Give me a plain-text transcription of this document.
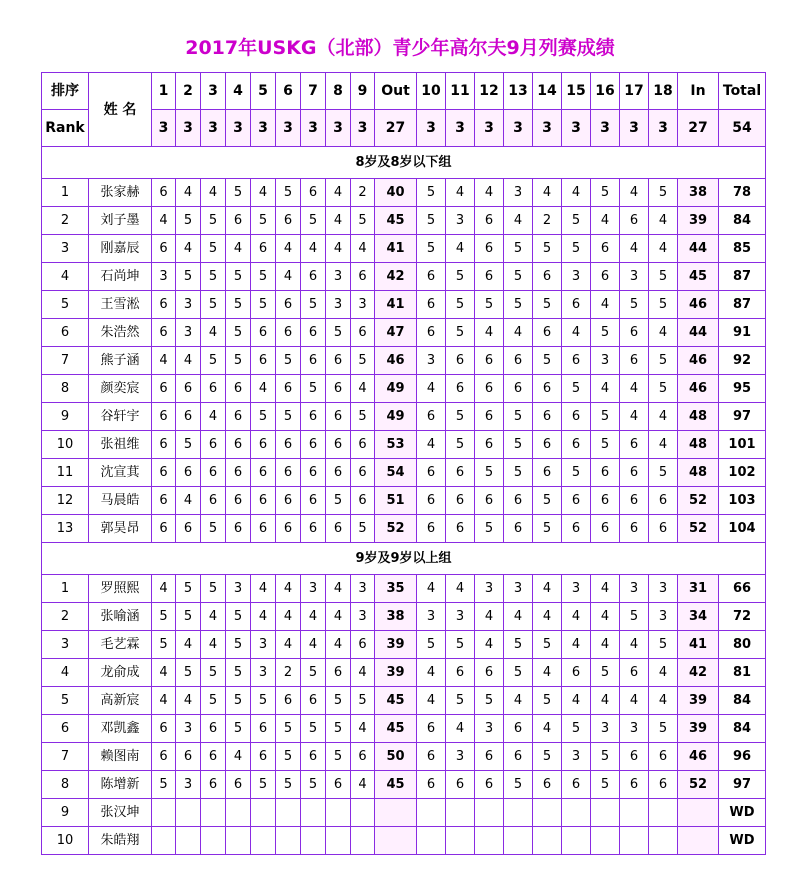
2017年USKG（北部）青少年高尔夫9月列赛成绩
排序	姓 名	1	2	3	4	5	6	7	8	9	Out	10	11	12	13	14	15	16	17	18	In	Total
Rank		3	3	3	3	3	3	3	3	3	27	3	3	3	3	3	3	3	3	3	27	54
8岁及8岁以下组																						
1	张家赫	6	4	4	5	4	5	6	4	2	40	5	4	4	3	4	4	5	4	5	38	78
2	刘子墨	4	5	5	6	5	6	5	4	5	45	5	3	6	4	2	5	4	6	4	39	84
3	刚嘉辰	6	4	5	4	6	4	4	4	4	41	5	4	6	5	5	5	6	4	4	44	85
4	石尚坤	3	5	5	5	5	4	6	3	6	42	6	5	6	5	6	3	6	3	5	45	87
5	王雪淞	6	3	5	5	5	6	5	3	3	41	6	5	5	5	5	6	4	5	5	46	87
6	朱浩然	6	3	4	5	6	6	6	5	6	47	6	5	4	4	6	4	5	6	4	44	91
7	熊子涵	4	4	5	5	6	5	6	6	5	46	3	6	6	6	5	6	3	6	5	46	92
8	颜奕宸	6	6	6	6	4	6	5	6	4	49	4	6	6	6	6	5	4	4	5	46	95
9	谷轩宇	6	6	4	6	5	5	6	6	5	49	6	5	6	5	6	6	5	4	4	48	97
10	张祖维	6	5	6	6	6	6	6	6	6	53	4	5	6	5	6	6	5	6	4	48	101
11	沈宣萁	6	6	6	6	6	6	6	6	6	54	6	6	5	5	6	5	6	6	5	48	102
12	马晨皓	6	4	6	6	6	6	6	5	6	51	6	6	6	6	5	6	6	6	6	52	103
13	郭昊昂	6	6	5	6	6	6	6	6	5	52	6	6	5	6	5	6	6	6	6	52	104
9岁及9岁以上组																						
1	罗照熙	4	5	5	3	4	4	3	4	3	35	4	4	3	3	4	3	4	3	3	31	66
2	张喻涵	5	5	4	5	4	4	4	4	3	38	3	3	4	4	4	4	4	5	3	34	72
3	毛艺霖	5	4	4	5	3	4	4	4	6	39	5	5	4	5	5	4	4	4	5	41	80
4	龙俞成	4	5	5	5	3	2	5	6	4	39	4	6	6	5	4	6	5	6	4	42	81
5	高新宸	4	4	5	5	5	6	6	5	5	45	4	5	5	4	5	4	4	4	4	39	84
6	邓凯鑫	6	3	6	5	6	5	5	5	4	45	6	4	3	6	4	5	3	3	5	39	84
7	赖图南	6	6	6	4	6	5	6	5	6	50	6	3	6	6	5	3	5	6	6	46	96
8	陈增新	5	3	6	6	5	5	5	6	4	45	6	6	6	5	6	6	5	6	6	52	97
9	张汉坤																					WD
10	朱皓翔																					WD
